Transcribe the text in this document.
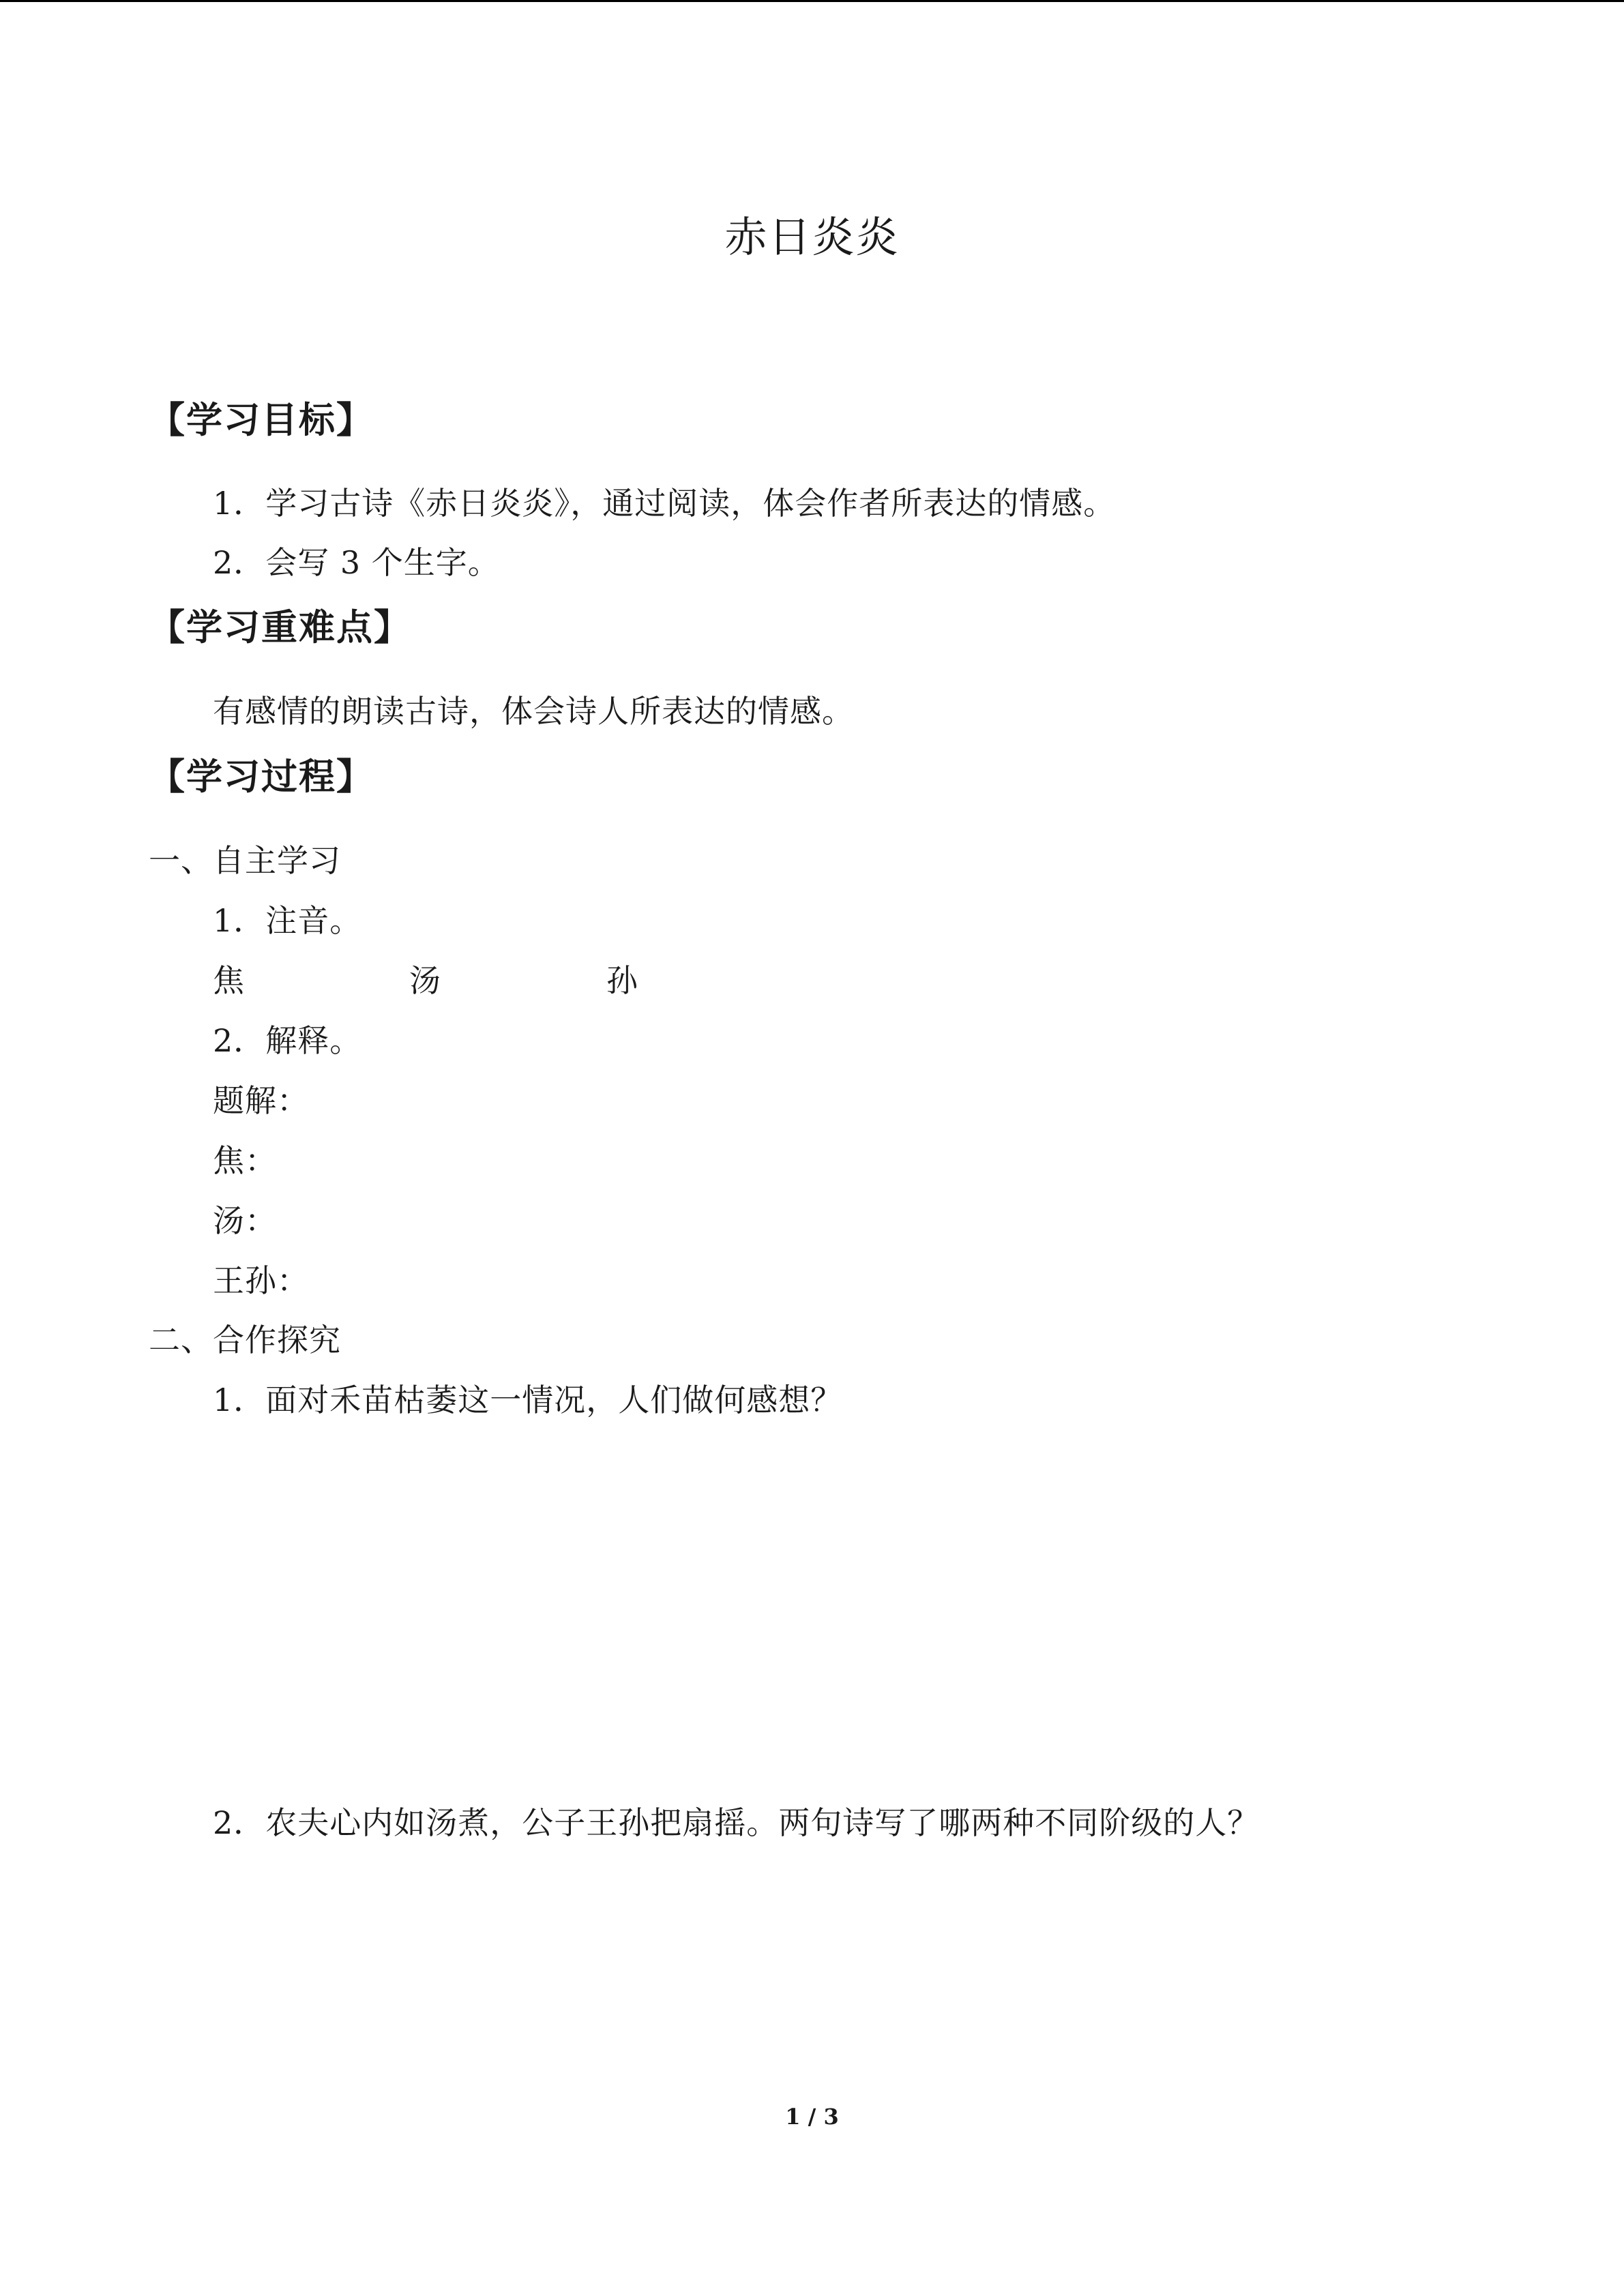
赤日炎炎
【学习目标】
1．学习古诗《赤日炎炎》，通过阅读，体会作者所表达的情感。
2．会写 3 个生字。
【学习重难点】
有感情的朗读古诗，体会诗人所表达的情感。
【学习过程】
一、自主学习
1．注音。
焦	汤	孙
2．解释。
题解：
焦：
汤：
王孙：
二、合作探究
1．面对禾苗枯萎这一情况，人们做何感想？
2．农夫心内如汤煮，公子王孙把扇摇。两句诗写了哪两种不同阶级的人？
1 / 3
